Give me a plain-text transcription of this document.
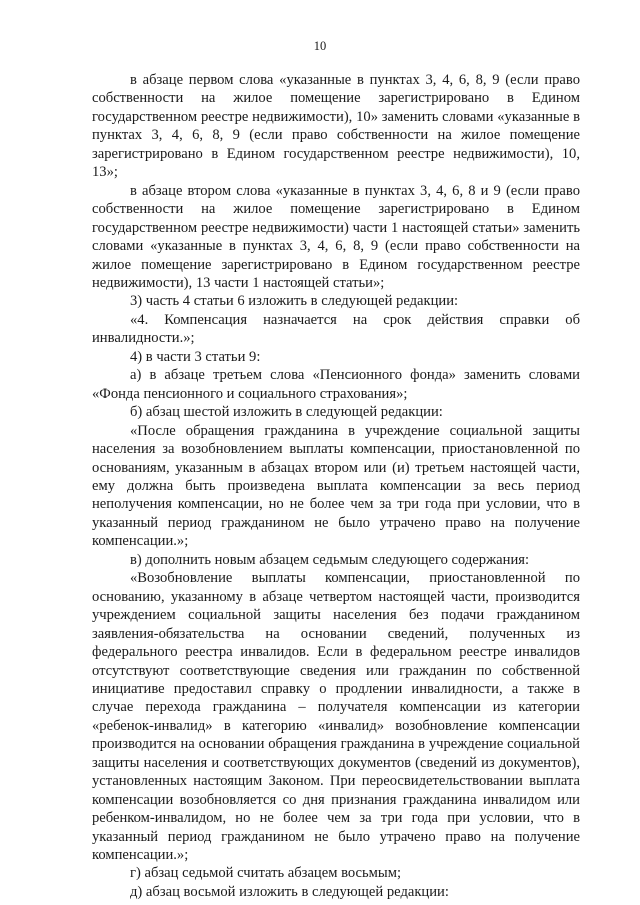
10

в абзаце первом слова «указанные в пунктах 3, 4, 6, 8, 9 (если право собственности на жилое помещение зарегистрировано в Едином государственном реестре недвижимости), 10» заменить словами «указанные в пунктах 3, 4, 6, 8, 9 (если право собственности на жилое помещение зарегистрировано в Едином государственном реестре недвижимости), 10, 13»;

в абзаце втором слова «указанные в пунктах 3, 4, 6, 8 и 9 (если право собственности на жилое помещение зарегистрировано в Едином государственном реестре недвижимости) части 1 настоящей статьи» заменить словами «указанные в пунктах 3, 4, 6, 8, 9 (если право собственности на жилое помещение зарегистрировано в Едином государственном реестре недвижимости), 13 части 1 настоящей статьи»;

3) часть 4 статьи 6 изложить в следующей редакции:

«4. Компенсация назначается на срок действия справки об инвалидности.»;

4) в части 3 статьи 9:

а) в абзаце третьем слова «Пенсионного фонда» заменить словами «Фонда пенсионного и социального страхования»;

б) абзац шестой изложить в следующей редакции:

«После обращения гражданина в учреждение социальной защиты населения за возобновлением выплаты компенсации, приостановленной по основаниям, указанным в абзацах втором или (и) третьем настоящей части, ему должна быть произведена выплата компенсации за весь период неполучения компенсации, но не более чем за три года при условии, что в указанный период гражданином не было утрачено право на получение компенсации.»;

в) дополнить новым абзацем седьмым следующего содержания:

«Возобновление выплаты компенсации, приостановленной по основанию, указанному в абзаце четвертом настоящей части, производится учреждением социальной защиты населения без подачи гражданином заявления-обязательства на основании сведений, полученных из федерального реестра инвалидов. Если в федеральном реестре инвалидов отсутствуют соответствующие сведения или гражданин по собственной инициативе предоставил справку о продлении инвалидности, а также в случае перехода гражданина – получателя компенсации из категории «ребенок-инвалид» в категорию «инвалид» возобновление компенсации производится на основании обращения гражданина в учреждение социальной защиты населения и соответствующих документов (сведений из документов), установленных настоящим Законом. При переосвидетельствовании выплата компенсации возобновляется со дня признания гражданина инвалидом или ребенком-инвалидом, но не более чем за три года при условии, что в указанный период гражданином не было утрачено право на получение компенсации.»;

г) абзац седьмой считать абзацем восьмым;

д) абзац восьмой изложить в следующей редакции:
